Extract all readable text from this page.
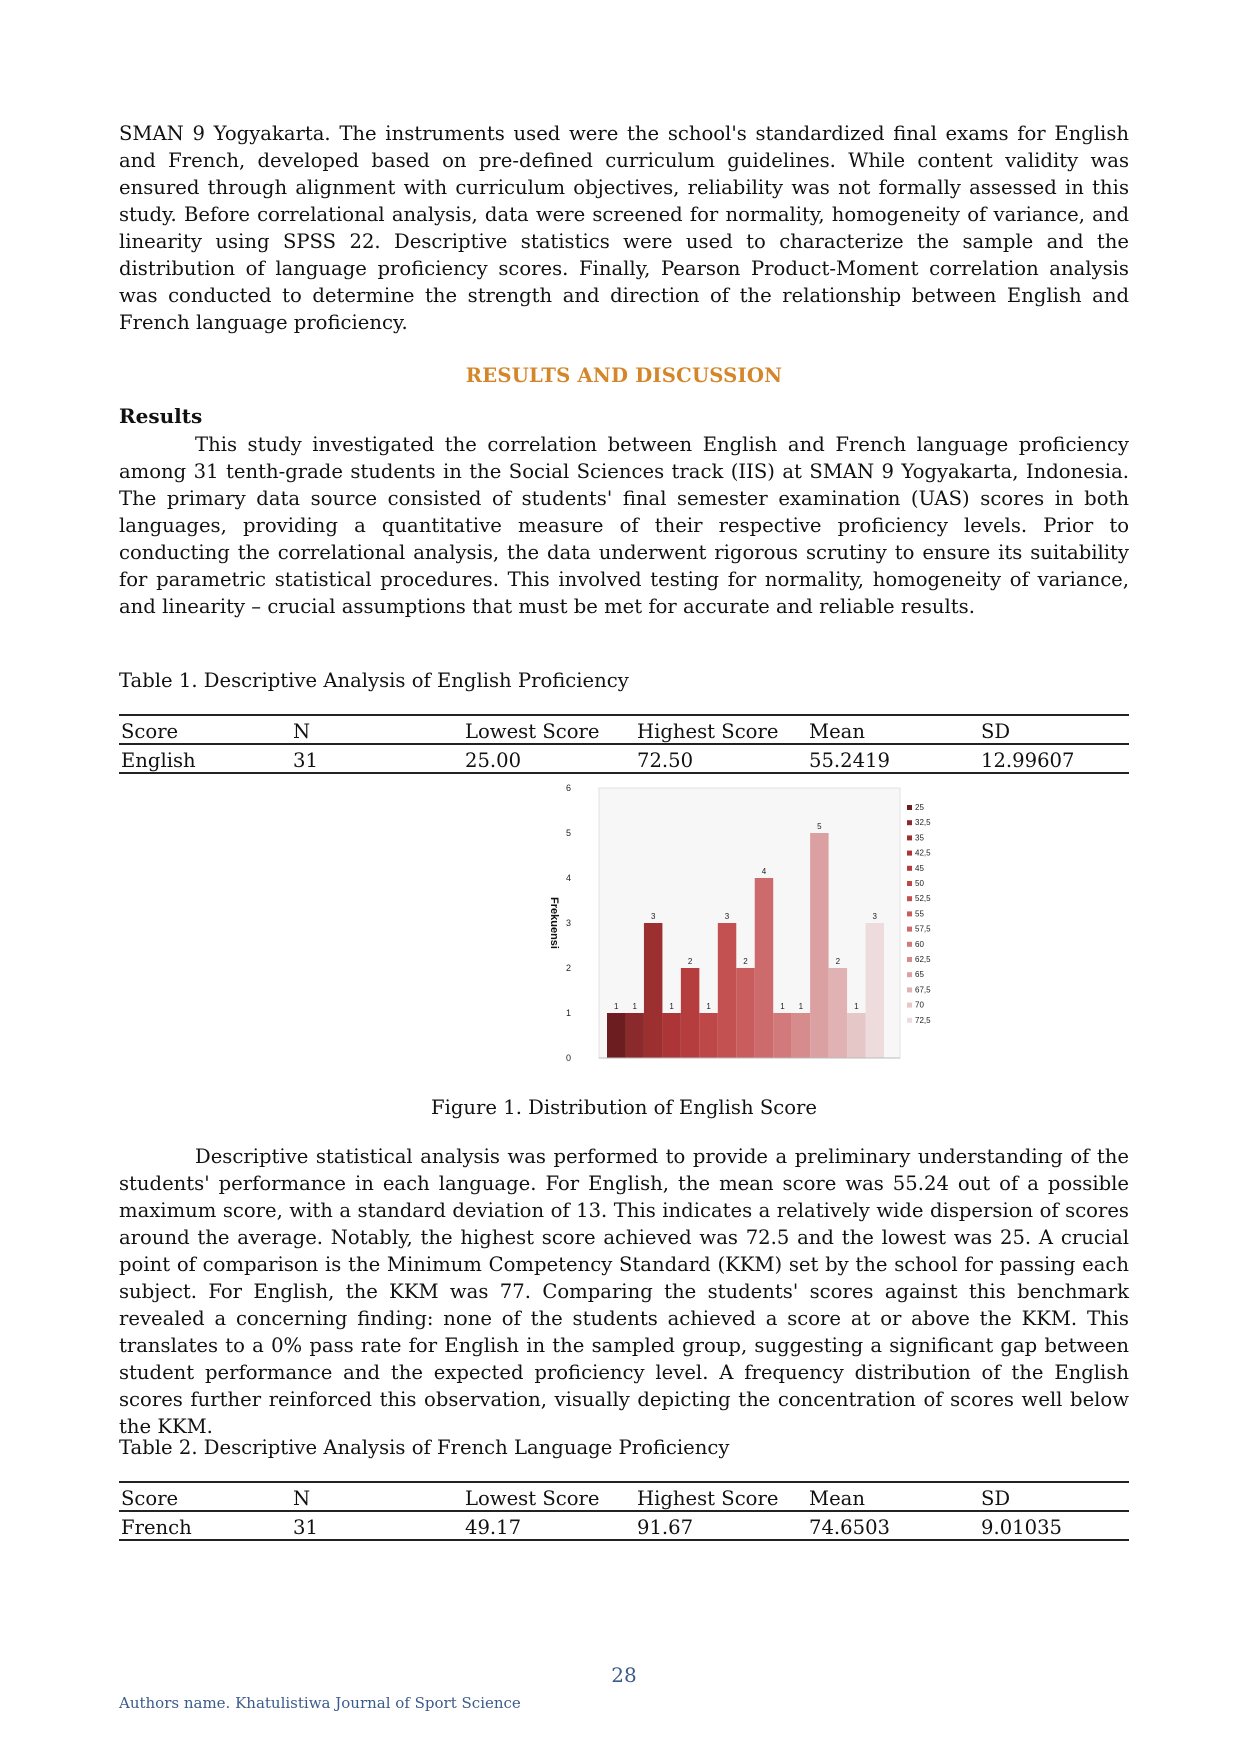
SMAN 9 Yogyakarta. The instruments used were the school's standardized final exams for English and French, developed based on pre-defined curriculum guidelines. While content validity was ensured through alignment with curriculum objectives, reliability was not formally assessed in this study. Before correlational analysis, data were screened for normality, homogeneity of variance, and linearity using SPSS 22. Descriptive statistics were used to characterize the sample and the distribution of language proficiency scores. Finally, Pearson Product-Moment correlation analysis was conducted to determine the strength and direction of the relationship between English and French language proficiency.

RESULTS AND DISCUSSION
Results

This study investigated the correlation between English and French language proficiency among 31 tenth-grade students in the Social Sciences track (IIS) at SMAN 9 Yogyakarta, Indonesia. The primary data source consisted of students' final semester examination (UAS) scores in both languages, providing a quantitative measure of their respective proficiency levels. Prior to conducting the correlational analysis, the data underwent rigorous scrutiny to ensure its suitability for parametric statistical procedures. This involved testing for normality, homogeneity of variance, and linearity – crucial assumptions that must be met for accurate and reliable results.

Table 1. Descriptive Analysis of English Proficiency
Score	N	Lowest Score	Highest Score	Mean	SD
English	31	25.00	72.50	55.2419	12.99607
0
1
2
3
4
5
6
Frekuensi
1 1
3
1
2
1
3
2
4
1 1
5
2
1
3
25
32,5
35
42,5
45
50
52,5
55
57,5
60
62,5
65
67,5
70
72,5
Figure 1. Distribution of English Score

Descriptive statistical analysis was performed to provide a preliminary understanding of the students' performance in each language. For English, the mean score was 55.24 out of a possible maximum score, with a standard deviation of 13. This indicates a relatively wide dispersion of scores around the average. Notably, the highest score achieved was 72.5 and the lowest was 25. A crucial point of comparison is the Minimum Competency Standard (KKM) set by the school for passing each subject. For English, the KKM was 77. Comparing the students' scores against this benchmark revealed a concerning finding: none of the students achieved a score at or above the KKM. This translates to a 0% pass rate for English in the sampled group, suggesting a significant gap between student performance and the expected proficiency level. A frequency distribution of the English scores further reinforced this observation, visually depicting the concentration of scores well below the KKM.

Table 2. Descriptive Analysis of French Language Proficiency
Score	N	Lowest Score	Highest Score	Mean	SD
French	31	49.17	91.67	74.6503	9.01035
28
Authors name. Khatulistiwa Journal of Sport Science
